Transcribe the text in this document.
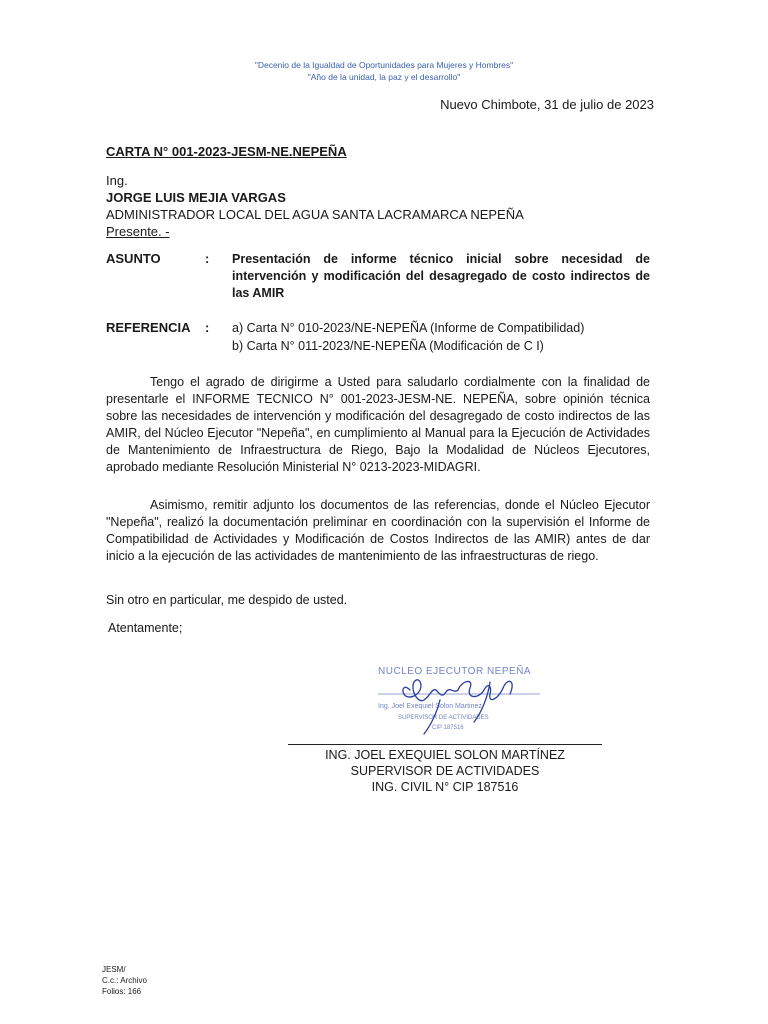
"Decenio de la Igualdad de Oportunidades para Mujeres y Hombres"
"Año de la unidad, la paz y el desarrollo"
Nuevo Chimbote, 31 de julio de 2023
CARTA N° 001-2023-JESM-NE.NEPEÑA
Ing.
JORGE LUIS MEJIA VARGAS
ADMINISTRADOR LOCAL DEL AGUA SANTA LACRAMARCA NEPEÑA
Presente. -
ASUNTO	: Presentación de informe técnico inicial sobre necesidad de intervención y modificación del desagregado de costo indirectos de las AMIR
REFERENCIA : a) Carta N° 010-2023/NE-NEPEÑA (Informe de Compatibilidad)
b) Carta N° 011-2023/NE-NEPEÑA (Modificación de C I)
Tengo el agrado de dirigirme a Usted para saludarlo cordialmente con la finalidad de presentarle el INFORME TECNICO N° 001-2023-JESM-NE. NEPEÑA, sobre opinión técnica sobre las necesidades de intervención y modificación del desagregado de costo indirectos de las AMIR, del Núcleo Ejecutor "Nepeña", en cumplimiento al Manual para la Ejecución de Actividades de Mantenimiento de Infraestructura de Riego, Bajo la Modalidad de Núcleos Ejecutores, aprobado mediante Resolución Ministerial N° 0213-2023-MIDAGRI.
Asimismo, remitir adjunto los documentos de las referencias, donde el Núcleo Ejecutor "Nepeña", realizó la documentación preliminar en coordinación con la supervisión el Informe de Compatibilidad de Actividades y Modificación de Costos Indirectos de las AMIR) antes de dar inicio a la ejecución de las actividades de mantenimiento de las infraestructuras de riego.
Sin otro en particular, me despido de usted.
Atentamente;
NUCLEO EJECUTOR NEPEÑA
Ing. Joel Exequiel Solon Martinez
SUPERVISOR DE ACTIVIDADES
CIP 187516
ING. JOEL EXEQUIEL SOLON MARTÍNEZ
SUPERVISOR DE ACTIVIDADES
ING. CIVIL N° CIP 187516
JESM/
C.c.: Archivo
Folios: 166
